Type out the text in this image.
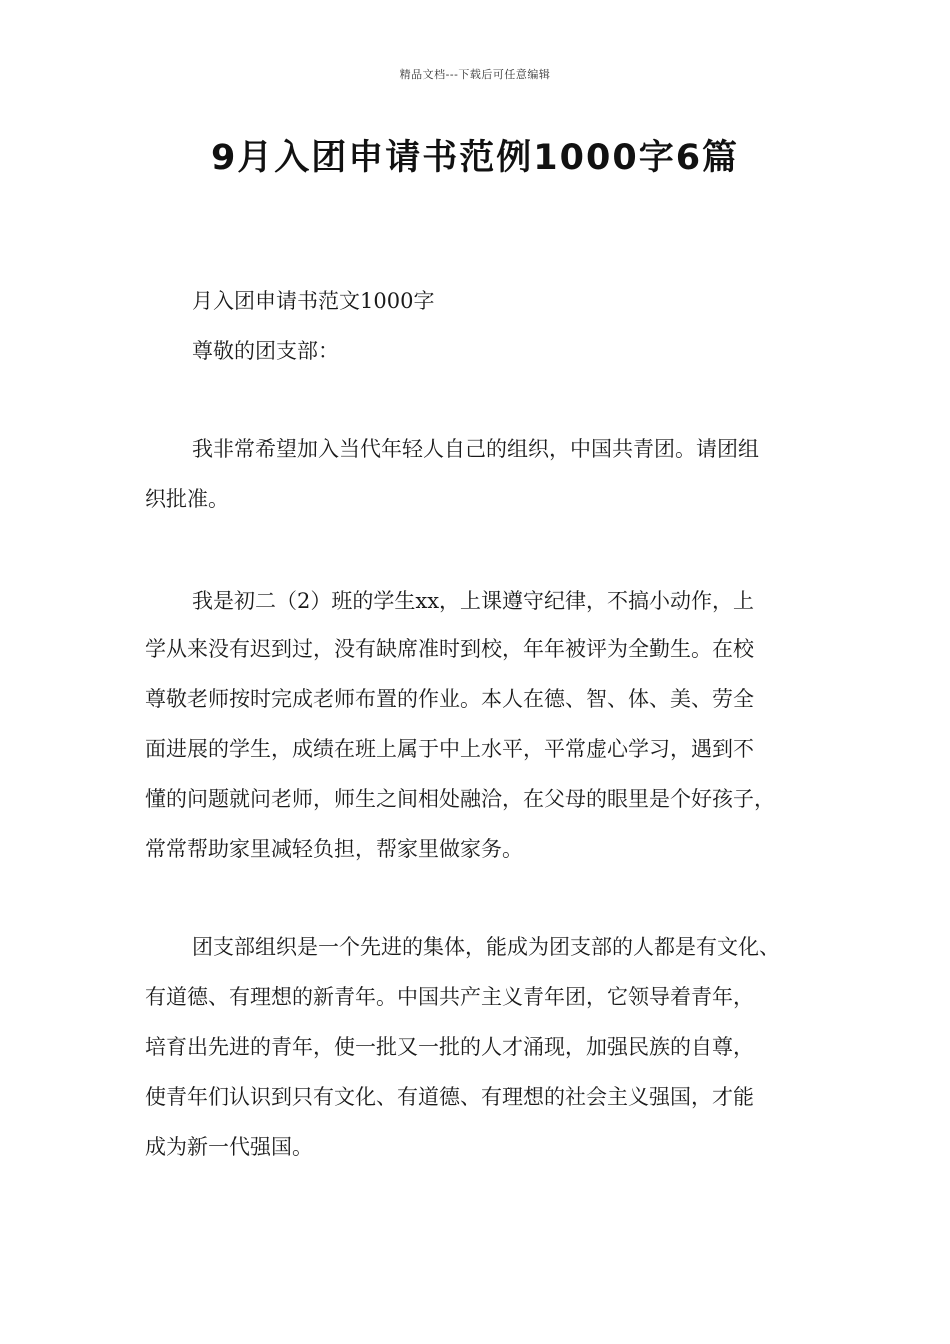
精品文档---下载后可任意编辑
9月入团申请书范例1000字6篇
月入团申请书范文1000字
尊敬的团支部：
我非常希望加入当代年轻人自己的组织，中国共青团。请团组
织批准。
我是初二（2）班的学生xx，上课遵守纪律，不搞小动作，上
学从来没有迟到过，没有缺席准时到校，年年被评为全勤生。在校
尊敬老师按时完成老师布置的作业。本人在德、智、体、美、劳全
面进展的学生，成绩在班上属于中上水平，平常虚心学习，遇到不
懂的问题就问老师，师生之间相处融洽，在父母的眼里是个好孩子，
常常帮助家里减轻负担，帮家里做家务。
团支部组织是一个先进的集体，能成为团支部的人都是有文化、
有道德、有理想的新青年。中国共产主义青年团，它领导着青年，
培育出先进的青年，使一批又一批的人才涌现，加强民族的自尊，
使青年们认识到只有文化、有道德、有理想的社会主义强国，才能
成为新一代强国。
